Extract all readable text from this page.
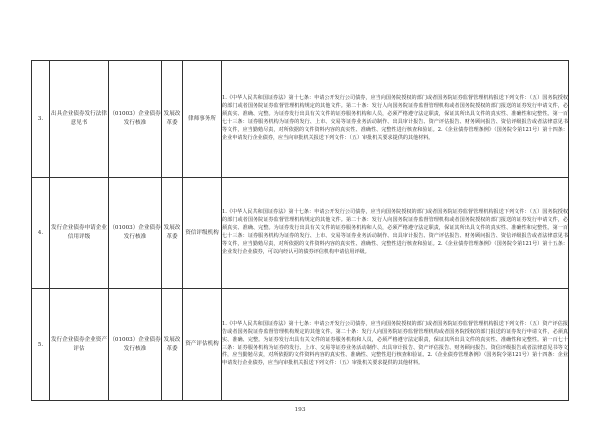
3.	出具企业债券发行法律意见书	（01003）企业债券发行核准	发展改革委	律师事务所	1.《中华人民共和国证券法》第十七条：申请公开发行公司债券，应当向国务院授权的部门或者国务院证券监督管理机构报送下列文件：（五）国务院授权的部门或者国务院证券监督管理机构规定的其他文件。第二十条：发行人向国务院证券监督管理机构或者国务院授权的部门报送的证券发行申请文件，必须真实、准确、完整。为证券发行出具有关文件的证券服务机构和人员，必须严格遵守法定职责，保证其所出具文件的真实性、准确性和完整性。第一百七十三条：证券服务机构为证券的发行、上市、交易等证券业务活动制作、出具审计报告、资产评估报告、财务顾问报告、资信评级报告或者法律意见书等文件，应当勤勉尽责，对所依据的文件资料内容的真实性、准确性、完整性进行核查和验证。2.《企业债券管理条例》（国务院令第121号）第十四条：企业申请发行企业债券，应当向审批机关报送下列文件：（五）审批机关要求提供的其他材料。

4.	发行企业债券申请企业信用评级	（01003）企业债券发行核准	发展改革委	资信评级机构	1.《中华人民共和国证券法》第十七条：申请公开发行公司债券，应当向国务院授权的部门或者国务院证券监督管理机构报送下列文件：（五）国务院授权的部门或者国务院证券监督管理机构规定的其他文件。第二十条：发行人向国务院证券监督管理机构或者国务院授权的部门报送的证券发行申请文件，必须真实、准确、完整。为证券发行出具有关文件的证券服务机构和人员，必须严格遵守法定职责，保证其所出具文件的真实性、准确性和完整性。第一百七十三条：证券服务机构为证券的发行、上市、交易等证券业务活动制作、出具审计报告、资产评估报告、财务顾问报告、资信评级报告或者法律意见书等文件，应当勤勉尽责，对所依据的文件资料内容的真实性、准确性、完整性进行核查和验证。2.《企业债券管理条例》（国务院令第121号）第十五条：企业发行企业债券，可以向经认可的债券评信机构申请信用评级。

5.	发行企业债券企业资产评估	（01003）企业债券发行核准	发展改革委	资产评估机构	1.《中华人民共和国证券法》第十七条：申请公开发行公司债券，应当向国务院授权的部门或者国务院证券监督管理机构报送下列文件：（五）资产评估报告或者国务院证券监督管理机构规定的其他文件。第二十条：发行人向国务院证券监督管理机构或者国务院授权的部门报送的证券发行申请文件，必须真实、准确、完整。为证券发行出具有关文件的证券服务机构和人员，必须严格遵守法定职责，保证其所出具文件的真实性、准确性和完整性。第一百七十三条：证券服务机构为证券的发行、上市、交易等证券业务活动制作、出具审计报告、资产评估报告、财务顾问报告、资信评级报告或者法律意见书等文件，应当勤勉尽责，对所依据的文件资料内容的真实性、准确性、完整性进行核查和验证。2.《企业债券管理条例》（国务院令第121号）第十四条：企业申请发行企业债券，应当向审批机关报送下列文件：（五）审批机关要求提供的其他材料。
193
